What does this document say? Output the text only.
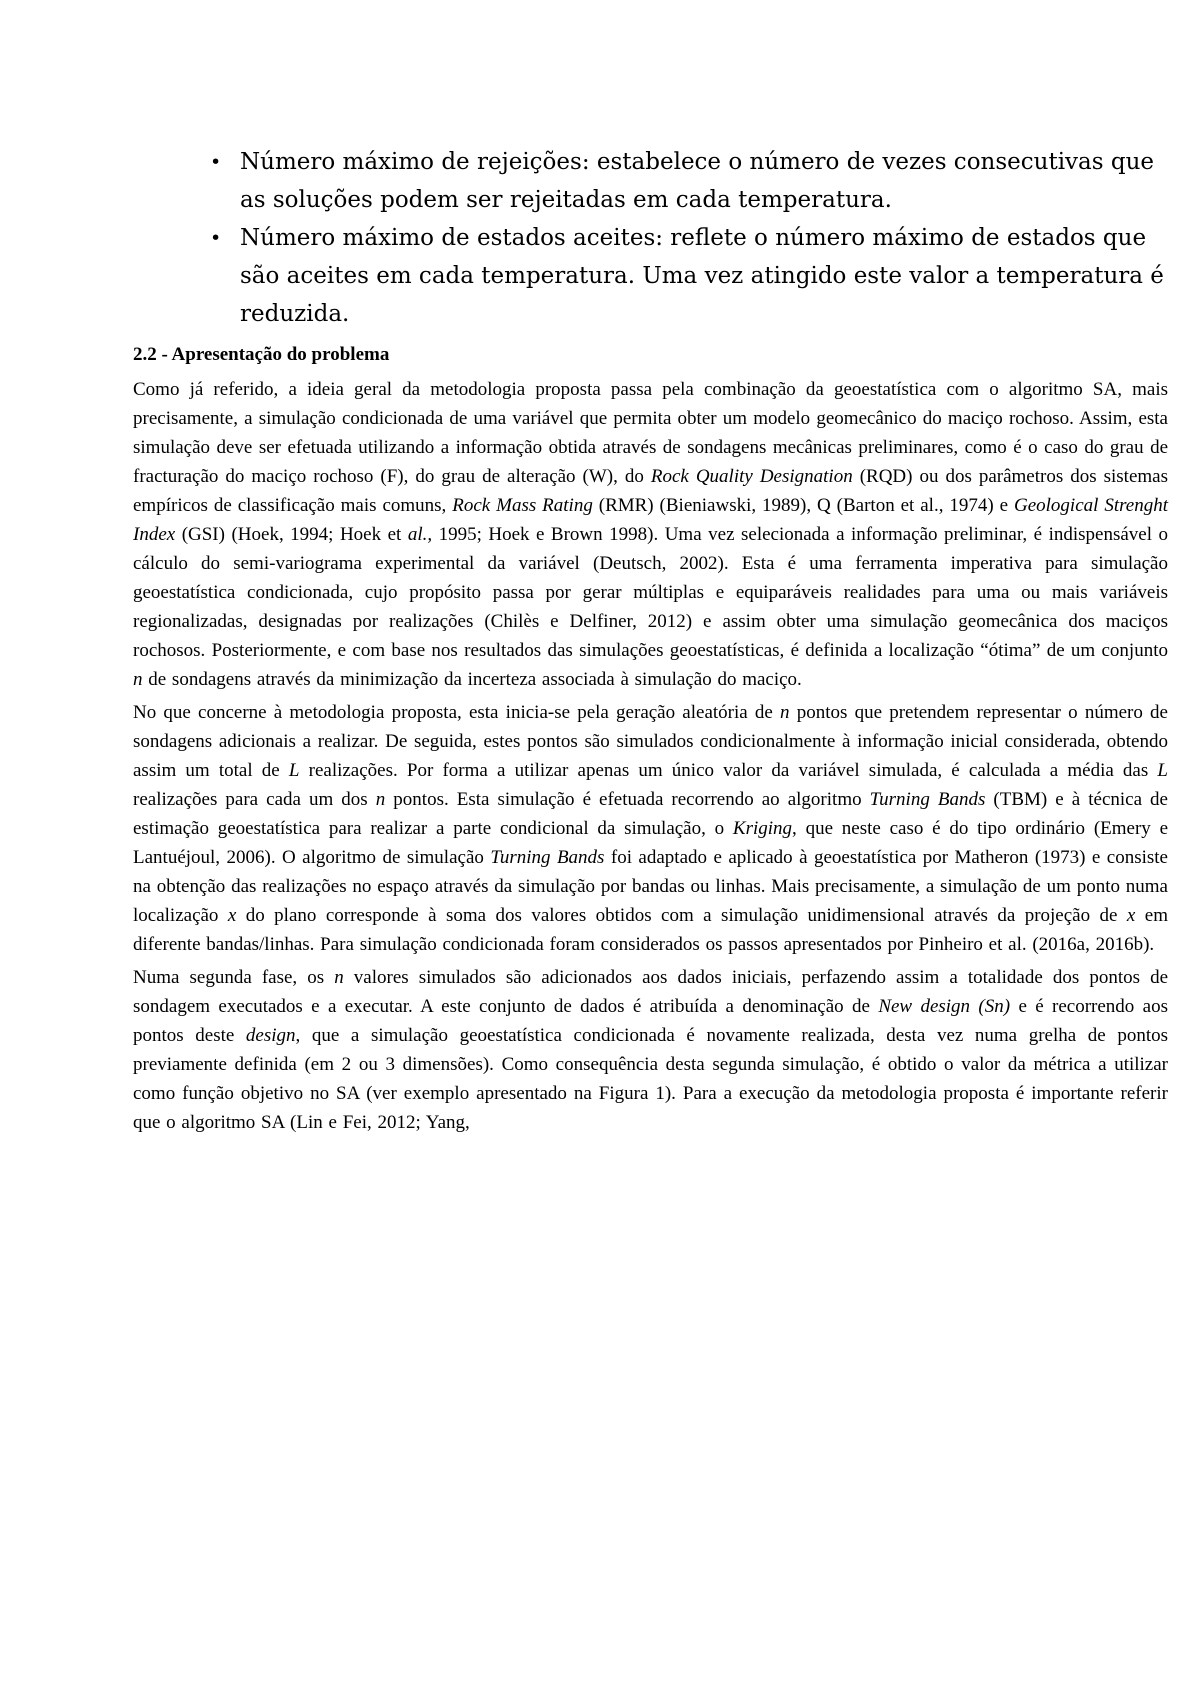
• Número máximo de rejeições: estabelece o número de vezes consecutivas que as soluções podem ser rejeitadas em cada temperatura.
• Número máximo de estados aceites: reflete o número máximo de estados que são aceites em cada temperatura. Uma vez atingido este valor a temperatura é reduzida.
2.2 - Apresentação do problema

Como já referido, a ideia geral da metodologia proposta passa pela combinação da geoestatística com o algoritmo SA, mais precisamente, a simulação condicionada de uma variável que permita obter um modelo geomecânico do maciço rochoso. Assim, esta simulação deve ser efetuada utilizando a informação obtida através de sondagens mecânicas preliminares, como é o caso do grau de fracturação do maciço rochoso (F), do grau de alteração (W), do Rock Quality Designation (RQD) ou dos parâmetros dos sistemas empíricos de classificação mais comuns, Rock Mass Rating (RMR) (Bieniawski, 1989), Q (Barton et al., 1974) e Geological Strenght Index (GSI) (Hoek, 1994; Hoek et al., 1995; Hoek e Brown 1998). Uma vez selecionada a informação preliminar, é indispensável o cálculo do semi-variograma experimental da variável (Deutsch, 2002). Esta é uma ferramenta imperativa para simulação geoestatística condicionada, cujo propósito passa por gerar múltiplas e equiparáveis realidades para uma ou mais variáveis regionalizadas, designadas por realizações (Chilès e Delfiner, 2012) e assim obter uma simulação geomecânica dos maciços rochosos. Posteriormente, e com base nos resultados das simulações geoestatísticas, é definida a localização “ótima” de um conjunto n de sondagens através da minimização da incerteza associada à simulação do maciço.

No que concerne à metodologia proposta, esta inicia-se pela geração aleatória de n pontos que pretendem representar o número de sondagens adicionais a realizar. De seguida, estes pontos são simulados condicionalmente à informação inicial considerada, obtendo assim um total de L realizações. Por forma a utilizar apenas um único valor da variável simulada, é calculada a média das L realizações para cada um dos n pontos. Esta simulação é efetuada recorrendo ao algoritmo Turning Bands (TBM) e à técnica de estimação geoestatística para realizar a parte condicional da simulação, o Kriging, que neste caso é do tipo ordinário (Emery e Lantuéjoul, 2006). O algoritmo de simulação Turning Bands foi adaptado e aplicado à geoestatística por Matheron (1973) e consiste na obtenção das realizações no espaço através da simulação por bandas ou linhas. Mais precisamente, a simulação de um ponto numa localização x do plano corresponde à soma dos valores obtidos com a simulação unidimensional através da projeção de x em diferente bandas/linhas. Para simulação condicionada foram considerados os passos apresentados por Pinheiro et al. (2016a, 2016b).

Numa segunda fase, os n valores simulados são adicionados aos dados iniciais, perfazendo assim a totalidade dos pontos de sondagem executados e a executar. A este conjunto de dados é atribuída a denominação de New design (Sn) e é recorrendo aos pontos deste design, que a simulação geoestatística condicionada é novamente realizada, desta vez numa grelha de pontos previamente definida (em 2 ou 3 dimensões). Como consequência desta segunda simulação, é obtido o valor da métrica a utilizar como função objetivo no SA (ver exemplo apresentado na Figura 1). Para a execução da metodologia proposta é importante referir que o algoritmo SA (Lin e Fei, 2012; Yang,
